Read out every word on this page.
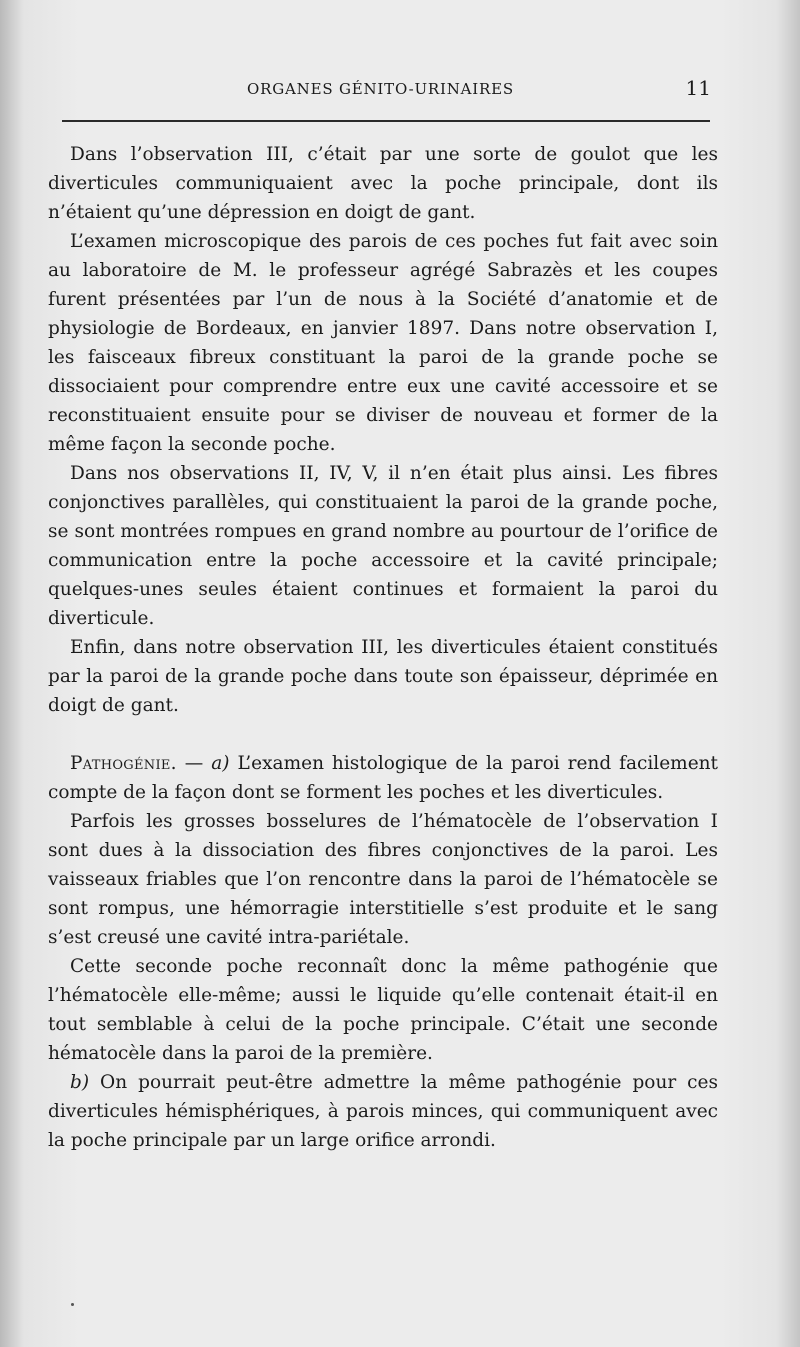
ORGANES GÉNITO-URINAIRES	11

Dans l’observation III, c’était par une sorte de goulot que les diverticules communiquaient avec la poche principale, dont ils n’étaient qu’une dépression en doigt de gant.

L’examen microscopique des parois de ces poches fut fait avec soin au laboratoire de M. le professeur agrégé Sabrazès et les coupes furent présentées par l’un de nous à la Société d’anatomie et de physiologie de Bordeaux, en janvier 1897. Dans notre observation I, les faisceaux fibreux constituant la paroi de la grande poche se dissociaient pour comprendre entre eux une cavité accessoire et se reconstituaient ensuite pour se diviser de nouveau et former de la même façon la seconde poche.

Dans nos observations II, IV, V, il n’en était plus ainsi. Les fibres conjonctives parallèles, qui constituaient la paroi de la grande poche, se sont montrées rompues en grand nombre au pourtour de l’orifice de communication entre la poche accessoire et la cavité principale; quelques-unes seules étaient continues et formaient la paroi du diverticule.

Enfin, dans notre observation III, les diverticules étaient constitués par la paroi de la grande poche dans toute son épaisseur, déprimée en doigt de gant.

Pathogénie. — a) L’examen histologique de la paroi rend facilement compte de la façon dont se forment les poches et les diverticules.

Parfois les grosses bosselures de l’hématocèle de l’observation I sont dues à la dissociation des fibres conjonctives de la paroi. Les vaisseaux friables que l’on rencontre dans la paroi de l’hématocèle se sont rompus, une hémorragie interstitielle s’est produite et le sang s’est creusé une cavité intra-pariétale.

Cette seconde poche reconnaît donc la même pathogénie que l’hématocèle elle-même; aussi le liquide qu’elle contenait était-il en tout semblable à celui de la poche principale. C’était une seconde hématocèle dans la paroi de la première.

b) On pourrait peut-être admettre la même pathogénie pour ces diverticules hémisphériques, à parois minces, qui communiquent avec la poche principale par un large orifice arrondi.
